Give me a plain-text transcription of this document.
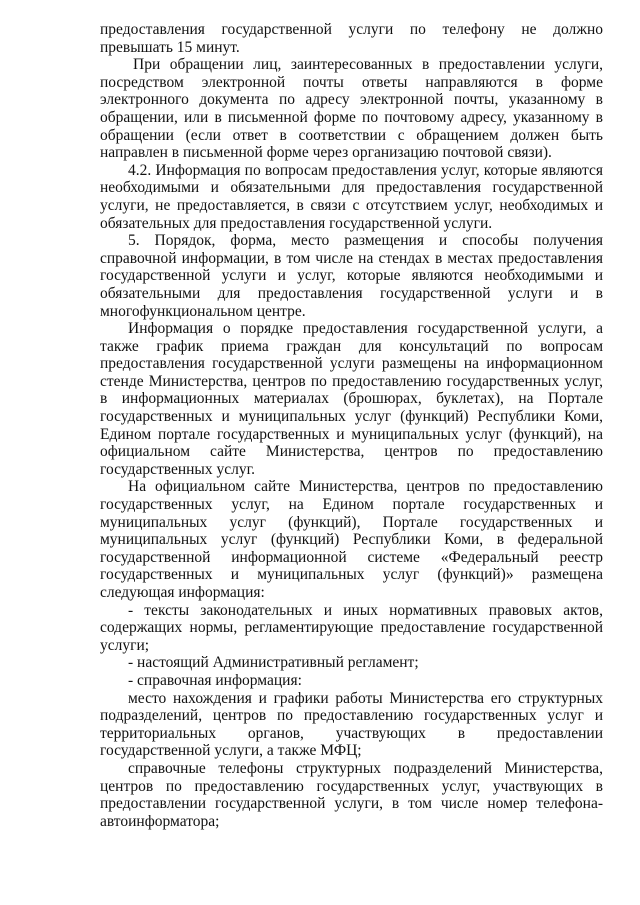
предоставления государственной услуги по телефону не должно превышать 15 минут.

При обращении лиц, заинтересованных в предоставлении услуги, посредством электронной почты ответы направляются в форме электронного документа по адресу электронной почты, указанному в обращении, или в письменной форме по почтовому адресу, указанному в обращении (если ответ в соответствии с обращением должен быть направлен в письменной форме через организацию почтовой связи).

4.2. Информация по вопросам предоставления услуг, которые являются необходимыми и обязательными для предоставления государственной услуги, не предоставляется, в связи с отсутствием услуг, необходимых и обязательных для предоставления государственной услуги.

5. Порядок, форма, место размещения и способы получения справочной информации, в том числе на стендах в местах предоставления государственной услуги и услуг, которые являются необходимыми и обязательными для предоставления государственной услуги и в многофункциональном центре.

Информация о порядке предоставления государственной услуги, а также график приема граждан для консультаций по вопросам предоставления государственной услуги размещены на информационном стенде Министерства, центров по предоставлению государственных услуг, в информационных материалах (брошюрах, буклетах), на Портале государственных и муниципальных услуг (функций) Республики Коми, Едином портале государственных и муниципальных услуг (функций), на официальном сайте Министерства, центров по предоставлению государственных услуг.

На официальном сайте Министерства, центров по предоставлению государственных услуг, на Едином портале государственных и муниципальных услуг (функций), Портале государственных и муниципальных услуг (функций) Республики Коми, в федеральной государственной информационной системе «Федеральный реестр государственных и муниципальных услуг (функций)» размещена следующая информация:

- тексты законодательных и иных нормативных правовых актов, содержащих нормы, регламентирующие предоставление государственной услуги;

- настоящий Административный регламент;

- справочная информация:

место нахождения и графики работы Министерства его структурных подразделений, центров по предоставлению государственных услуг и территориальных органов, участвующих в предоставлении государственной услуги, а также МФЦ;

справочные телефоны структурных подразделений Министерства, центров по предоставлению государственных услуг, участвующих в предоставлении государственной услуги, в том числе номер телефона-автоинформатора;
